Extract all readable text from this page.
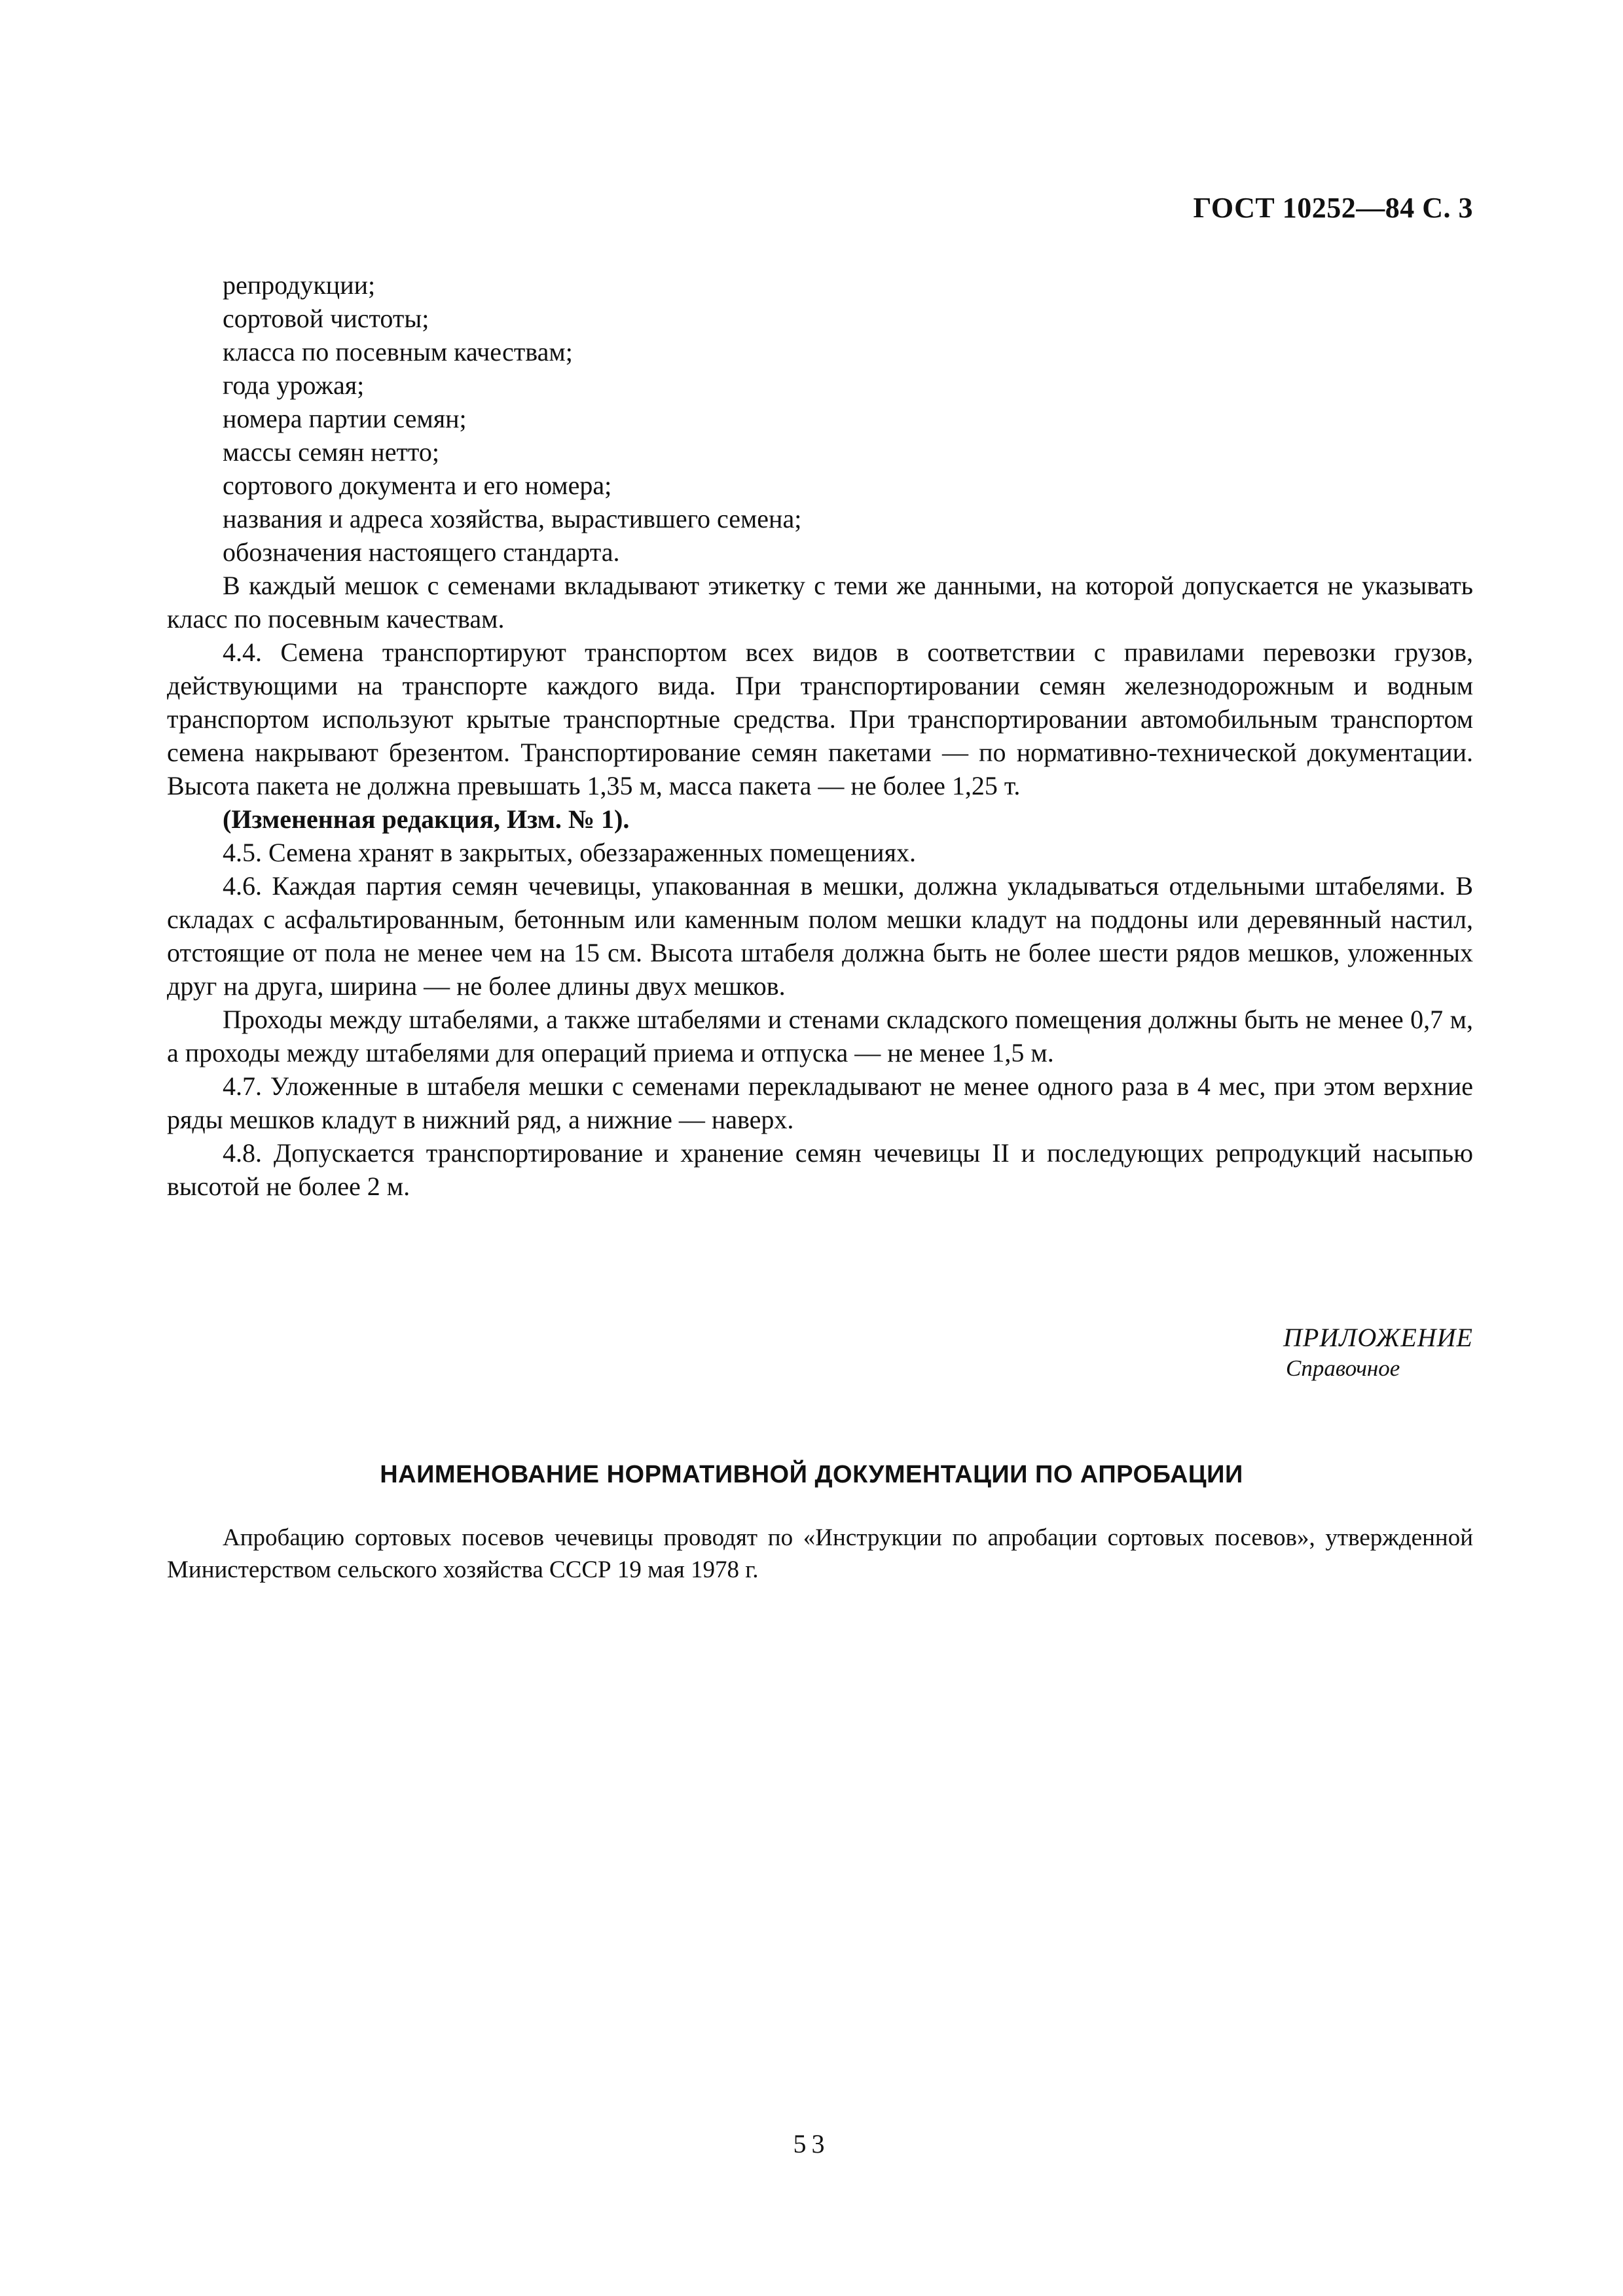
ГОСТ 10252—84 С. 3
репродукции;
сортовой чистоты;
класса по посевным качествам;
года урожая;
номера партии семян;
массы семян нетто;
сортового документа и его номера;
названия и адреса хозяйства, вырастившего семена;
обозначения настоящего стандарта.

В каждый мешок с семенами вкладывают этикетку с теми же данными, на которой допускается не указывать класс по посевным качествам.

4.4. Семена транспортируют транспортом всех видов в соответствии с правилами перевозки грузов, действующими на транспорте каждого вида. При транспортировании семян железнодорожным и водным транспортом используют крытые транспортные средства. При транспортировании автомобильным транспортом семена накрывают брезентом. Транспортирование семян пакетами — по нормативно-технической документации. Высота пакета не должна превышать 1,35 м, масса пакета — не более 1,25 т.

(Измененная редакция, Изм. № 1).

4.5. Семена хранят в закрытых, обеззараженных помещениях.

4.6. Каждая партия семян чечевицы, упакованная в мешки, должна укладываться отдельными штабелями. В складах с асфальтированным, бетонным или каменным полом мешки кладут на поддоны или деревянный настил, отстоящие от пола не менее чем на 15 см. Высота штабеля должна быть не более шести рядов мешков, уложенных друг на друга, ширина — не более длины двух мешков.

Проходы между штабелями, а также штабелями и стенами складского помещения должны быть не менее 0,7 м, а проходы между штабелями для операций приема и отпуска — не менее 1,5 м.

4.7. Уложенные в штабеля мешки с семенами перекладывают не менее одного раза в 4 мес, при этом верхние ряды мешков кладут в нижний ряд, а нижние — наверх.

4.8. Допускается транспортирование и хранение семян чечевицы II и последующих репродукций насыпью высотой не более 2 м.

ПРИЛОЖЕНИЕ
Справочное
НАИМЕНОВАНИЕ НОРМАТИВНОЙ ДОКУМЕНТАЦИИ ПО АПРОБАЦИИ
Апробацию сортовых посевов чечевицы проводят по «Инструкции по апробации сортовых посевов», утвержденной Министерством сельского хозяйства СССР 19 мая 1978 г.
53
